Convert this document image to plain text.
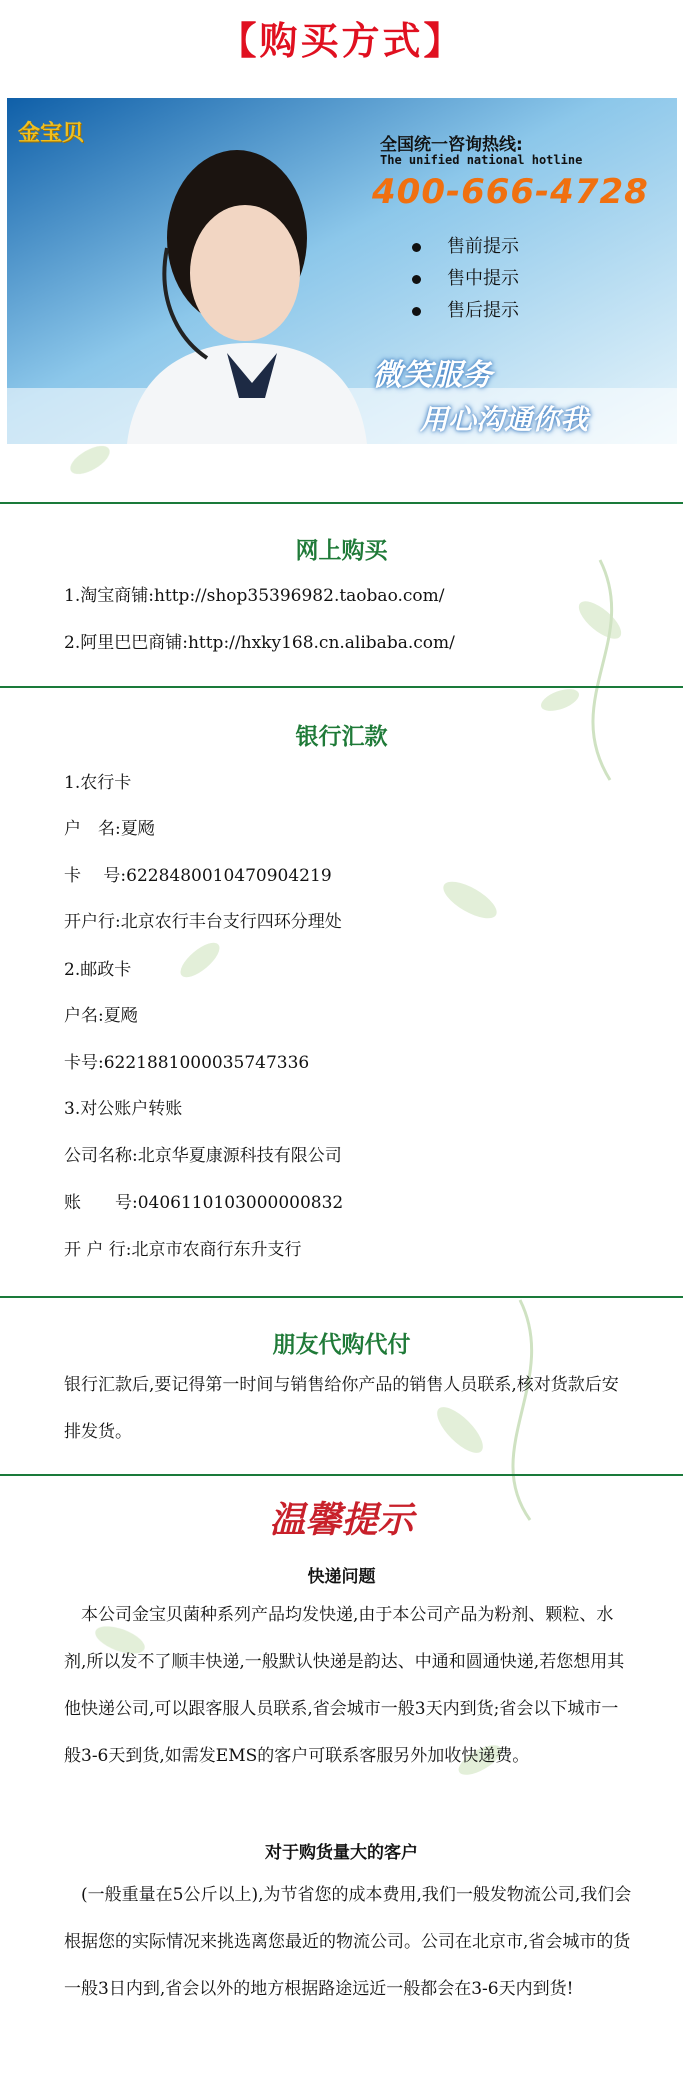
【购买方式】
金宝贝	全国统一咨询热线:
The unified national hotline
400-666-4728
售前提示
售中提示
售后提示
微笑服务
用心沟通你我
网上购买
1.淘宝商铺:http://shop35396982.taobao.com/
2.阿里巴巴商铺:http://hxky168.cn.alibaba.com/
银行汇款
1.农行卡
户　名:夏飏
卡　 号:6228480010470904219
开户行:北京农行丰台支行四环分理处
2.邮政卡
户名:夏飏
卡号:6221881000035747336
3.对公账户转账
公司名称:北京华夏康源科技有限公司
账　　号:0406110103000000832
开 户 行:北京市农商行东升支行
朋友代购代付
银行汇款后,要记得第一时间与销售给你产品的销售人员联系,核对货款后安排发货。
温馨提示
快递问题
　本公司金宝贝菌种系列产品均发快递,由于本公司产品为粉剂、颗粒、水剂,所以发不了顺丰快递,一般默认快递是韵达、中通和圆通快递,若您想用其他快递公司,可以跟客服人员联系,省会城市一般3天内到货;省会以下城市一般3-6天到货,如需发EMS的客户可联系客服另外加收快递费。
对于购货量大的客户
　(一般重量在5公斤以上),为节省您的成本费用,我们一般发物流公司,我们会根据您的实际情况来挑选离您最近的物流公司。公司在北京市,省会城市的货一般3日内到,省会以外的地方根据路途远近一般都会在3-6天内到货!
